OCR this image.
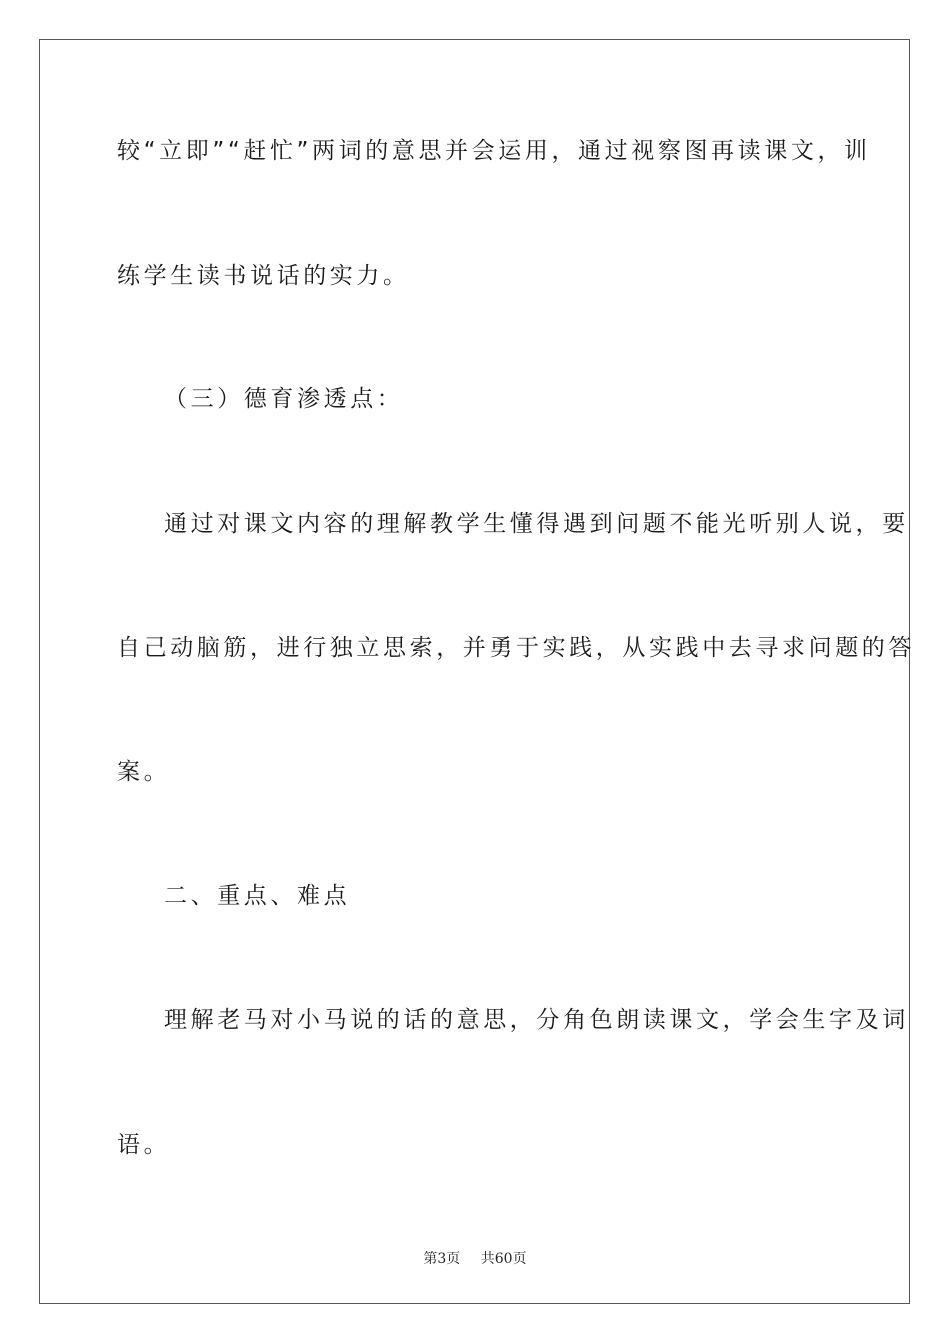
较“立即”“赶忙”两词的意思并会运用，通过视察图再读课文，训

练学生读书说话的实力。

（三）德育渗透点：

通过对课文内容的理解教学生懂得遇到问题不能光听别人说，要

自己动脑筋，进行独立思索，并勇于实践，从实践中去寻求问题的答

案。

二、重点、难点

理解老马对小马说的话的意思，分角色朗读课文，学会生字及词

语。

第3页 共60页
